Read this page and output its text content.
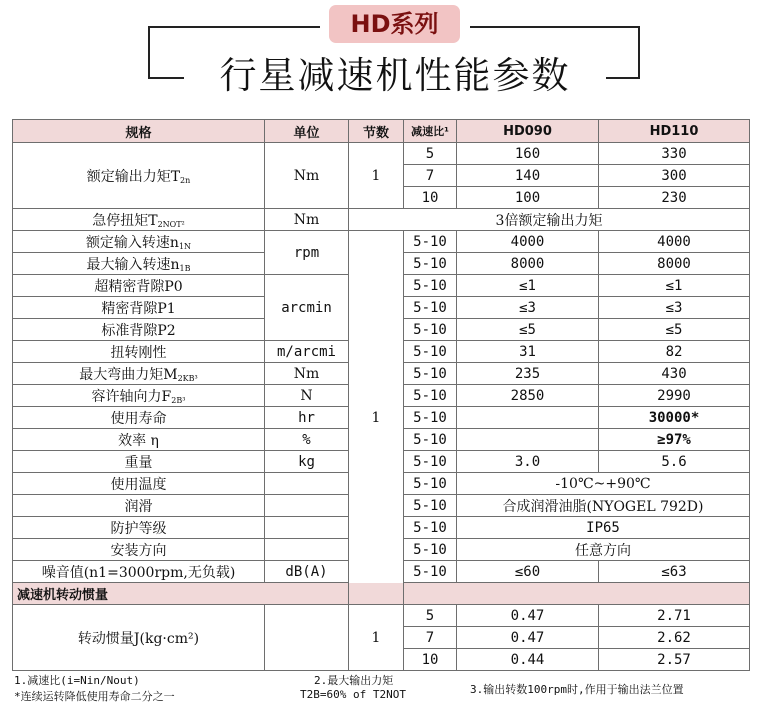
HD系列
行星减速机性能参数
规格	单位	节数	减速比¹	HD090	HD110
额定输出力矩$T_{2n}$	Nm	1	5	160	330
			7	140	300
			10	100	230
急停扭矩$T_{2NOT^2}$	Nm	3倍额定输出力矩			
额定输入转速$n_{1N}$	rpm	1	5-10	4000	4000
最大输入转速$n_{1B}$			5-10	8000	8000
超精密背隙P0	arcmin		5-10	≤1	≤1
精密背隙P1			5-10	≤3	≤3
标准背隙P2			5-10	≤5	≤5
扭转刚性	m/arcmi		5-10	31	82
最大弯曲力矩$M_{2KB^3}$	Nm		5-10	235	430
容许轴向力$F_{2B^3}$	N		5-10	2850	2990
使用寿命	hr		5-10		30000*
效率 η	%		5-10		≥97%
重量	kg		5-10	3.0	5.6
使用温度			5-10	-10℃~+90℃	
润滑			5-10	合成润滑油脂(NYOGEL 792D)	
防护等级			5-10	IP65	
安装方向			5-10	任意方向	
噪音值(n1=3000rpm,无负载)	dB(A)		5-10	≤60	≤63
减速机转动惯量					
转动惯量J(kg·cm²)		1	5	0.47	2.71
			7	0.47	2.62
			10	0.44	2.57
1.减速比(i=Nin/Nout)
*连续运转降低使用寿命二分之一
2.最大输出力矩
T2B=60% of T2NOT	3.输出转数100rpm时,作用于输出法兰位置
